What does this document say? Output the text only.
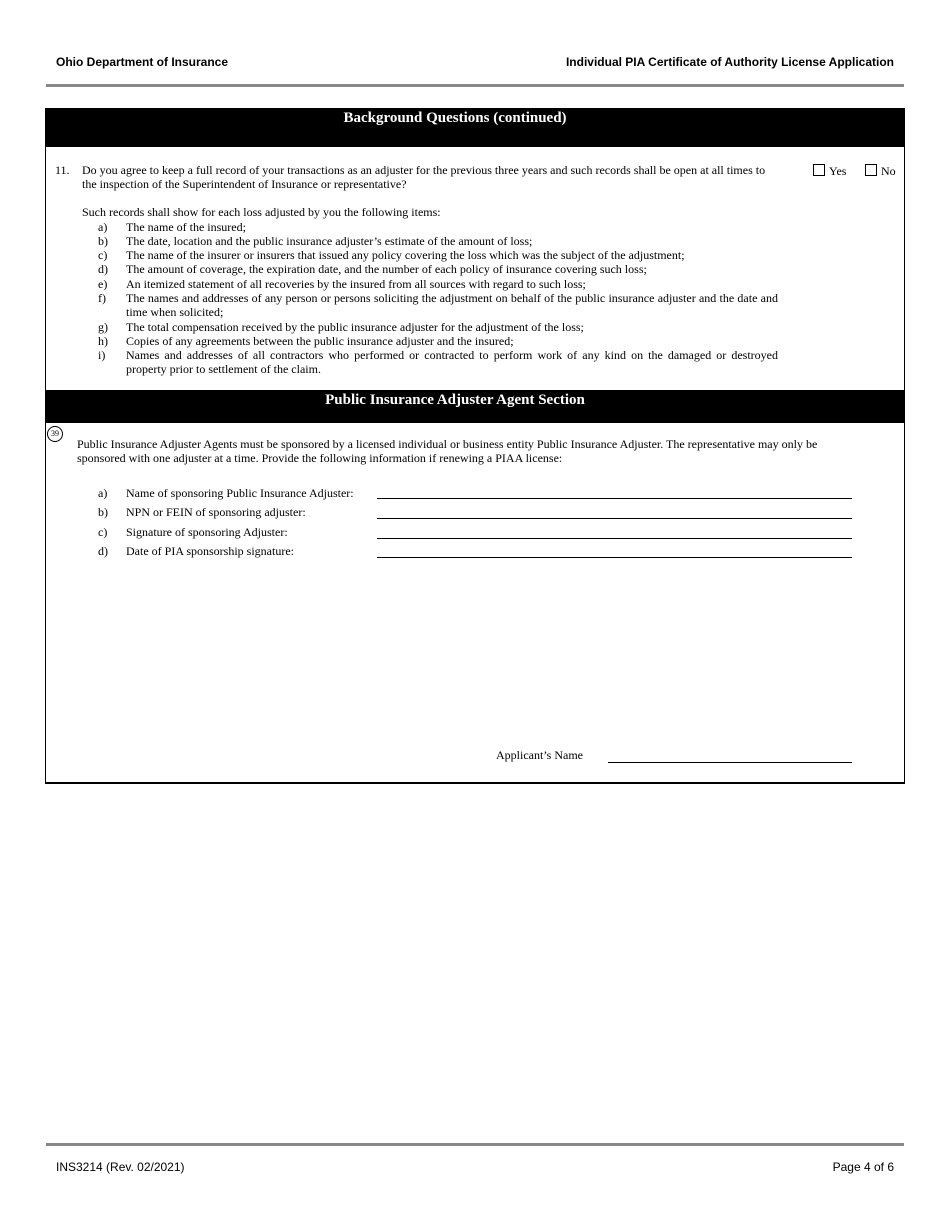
Ohio Department of Insurance	Individual PIA Certificate of Authority License Application
Background Questions (continued)
11. Do you agree to keep a full record of your transactions as an adjuster for the previous three years and such records shall be open at all times to the inspection of the Superintendent of Insurance or representative?
Yes	No
Such records shall show for each loss adjusted by you the following items:
a) The name of the insured;
b) The date, location and the public insurance adjuster’s estimate of the amount of loss;
c) The name of the insurer or insurers that issued any policy covering the loss which was the subject of the adjustment;
d) The amount of coverage, the expiration date, and the number of each policy of insurance covering such loss;
e) An itemized statement of all recoveries by the insured from all sources with regard to such loss;
f) The names and addresses of any person or persons soliciting the adjustment on behalf of the public insurance adjuster and the date and time when solicited;
g) The total compensation received by the public insurance adjuster for the adjustment of the loss;
h) Copies of any agreements between the public insurance adjuster and the insured;
i) Names and addresses of all contractors who performed or contracted to perform work of any kind on the damaged or destroyed property prior to settlement of the claim.
Public Insurance Adjuster Agent Section
39
Public Insurance Adjuster Agents must be sponsored by a licensed individual or business entity Public Insurance Adjuster. The representative may only be sponsored with one adjuster at a time. Provide the following information if renewing a PIAA license:
a) Name of sponsoring Public Insurance Adjuster:
b) NPN or FEIN of sponsoring adjuster:
c) Signature of sponsoring Adjuster:
d) Date of PIA sponsorship signature:
Applicant’s Name
INS3214 (Rev. 02/2021)	Page 4 of 6
